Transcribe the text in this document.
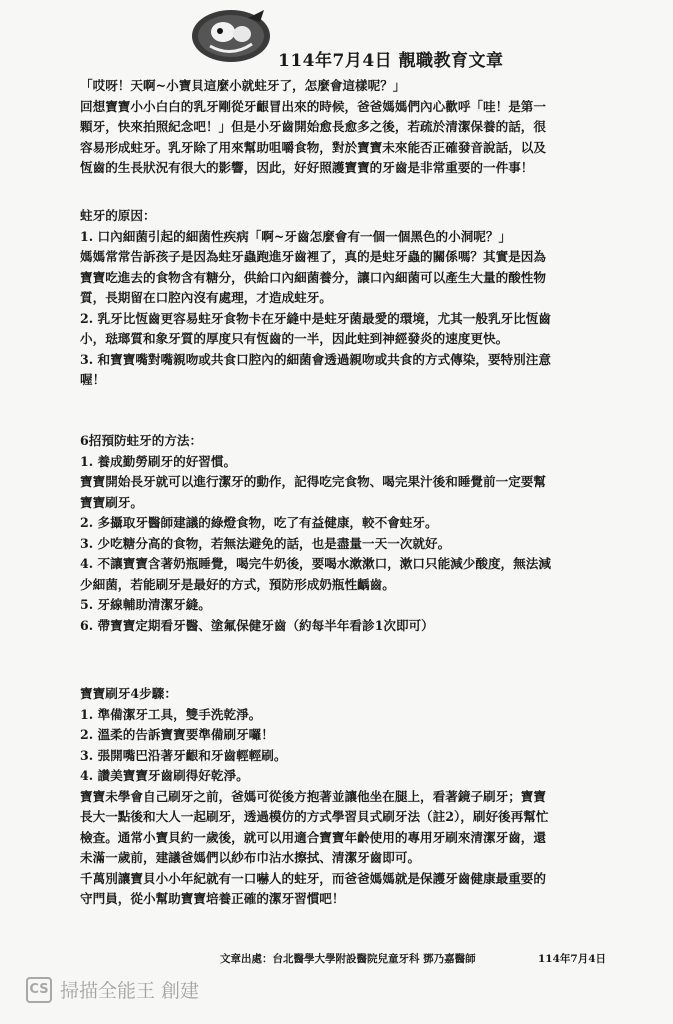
114年7月4日 靚職教育文章
「哎呀！天啊~小寶貝這麼小就蛀牙了，怎麼會這樣呢？」
回想寶寶小小白白的乳牙剛從牙齦冒出來的時候，爸爸媽媽們內心歡呼「哇！是第一
顆牙，快來拍照紀念吧！」但是小牙齒開始愈長愈多之後，若疏於清潔保養的話，很
容易形成蛀牙。乳牙除了用來幫助咀嚼食物，對於寶寶未來能否正確發音說話，以及
恆齒的生長狀況有很大的影響，因此，好好照護寶寶的牙齒是非常重要的一件事！
蛀牙的原因：
1. 口內細菌引起的細菌性疾病「啊~牙齒怎麼會有一個一個黑色的小洞呢？」
媽媽常常告訴孩子是因為蛀牙蟲跑進牙齒裡了，真的是蛀牙蟲的關係嗎？其實是因為
寶寶吃進去的食物含有糖分，供給口內細菌養分，讓口內細菌可以產生大量的酸性物
質，長期留在口腔內沒有處理，才造成蛀牙。
2. 乳牙比恆齒更容易蛀牙食物卡在牙縫中是蛀牙菌最愛的環境，尤其一般乳牙比恆齒
小，琺瑯質和象牙質的厚度只有恆齒的一半，因此蛀到神經發炎的速度更快。
3. 和寶寶嘴對嘴親吻或共食口腔內的細菌會透過親吻或共食的方式傳染，要特別注意
喔！
6招預防蛀牙的方法：
1. 養成勤勞刷牙的好習慣。
寶寶開始長牙就可以進行潔牙的動作，記得吃完食物、喝完果汁後和睡覺前一定要幫
寶寶刷牙。
2. 多攝取牙醫師建議的綠燈食物，吃了有益健康，較不會蛀牙。
3. 少吃糖分高的食物，若無法避免的話，也是盡量一天一次就好。
4. 不讓寶寶含著奶瓶睡覺，喝完牛奶後，要喝水漱漱口，漱口只能減少酸度，無法減
少細菌，若能刷牙是最好的方式，預防形成奶瓶性齲齒。
5. 牙線輔助清潔牙縫。
6. 帶寶寶定期看牙醫、塗氟保健牙齒（約每半年看診1次即可）
寶寶刷牙4步驟：
1. 準備潔牙工具，雙手洗乾淨。
2. 溫柔的告訴寶寶要準備刷牙囉！
3. 張開嘴巴沿著牙齦和牙齒輕輕刷。
4. 讚美寶寶牙齒刷得好乾淨。
寶寶未學會自己刷牙之前，爸媽可從後方抱著並讓他坐在腿上，看著鏡子刷牙；寶寶
長大一點後和大人一起刷牙，透過模仿的方式學習貝式刷牙法（註2），刷好後再幫忙
檢查。通常小寶貝約一歲後，就可以用適合寶寶年齡使用的專用牙刷來清潔牙齒，還
未滿一歲前，建議爸媽們以紗布巾沾水擦拭、清潔牙齒即可。
千萬別讓寶貝小小年紀就有一口嚇人的蛀牙，而爸爸媽媽就是保護牙齒健康最重要的
守門員，從小幫助寶寶培養正確的潔牙習慣吧！
文章出處：台北醫學大學附設醫院兒童牙科 鄧乃嘉醫師	114年7月4日
CS 掃描全能王 創建
